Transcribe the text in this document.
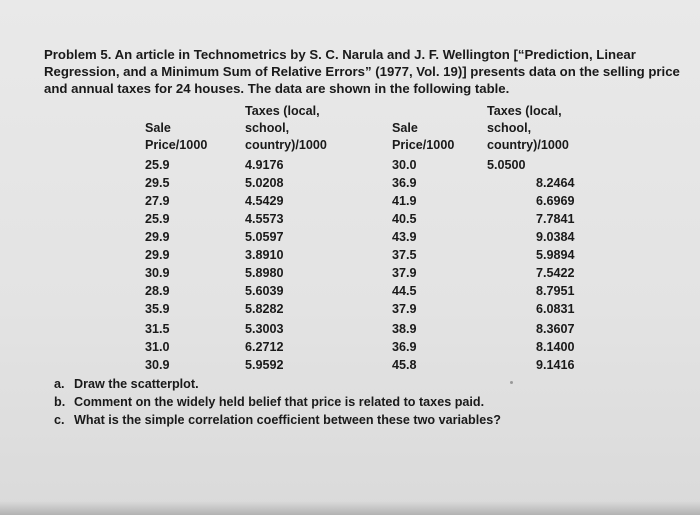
Problem 5. An article in Technometrics by S. C. Narula and J. F. Wellington [“Prediction, Linear

Regression, and a Minimum Sum of Relative Errors” (1977, Vol. 19)] presents data on the selling price

and annual taxes for 24 houses. The data are shown in the following table.

Sale
Price/1000
Taxes (local,
school,
country)/1000
Sale
Price/1000
Taxes (local,
school,
country)/1000
25.9	4.9176	30.0	5.0500
29.5	5.0208	36.9	8.2464
27.9	4.5429	41.9	6.6969
25.9	4.5573	40.5	7.7841
29.9	5.0597	43.9	9.0384
29.9	3.8910	37.5	5.9894
30.9	5.8980	37.9	7.5422
28.9	5.6039	44.5	8.7951
35.9	5.8282	37.9	6.0831
31.5	5.3003	38.9	8.3607
31.0	6.2712	36.9	8.1400
30.9	5.9592	45.8	9.1416
a. Draw the scatterplot.
b. Comment on the widely held belief that price is related to taxes paid.
c. What is the simple correlation coefficient between these two variables?
